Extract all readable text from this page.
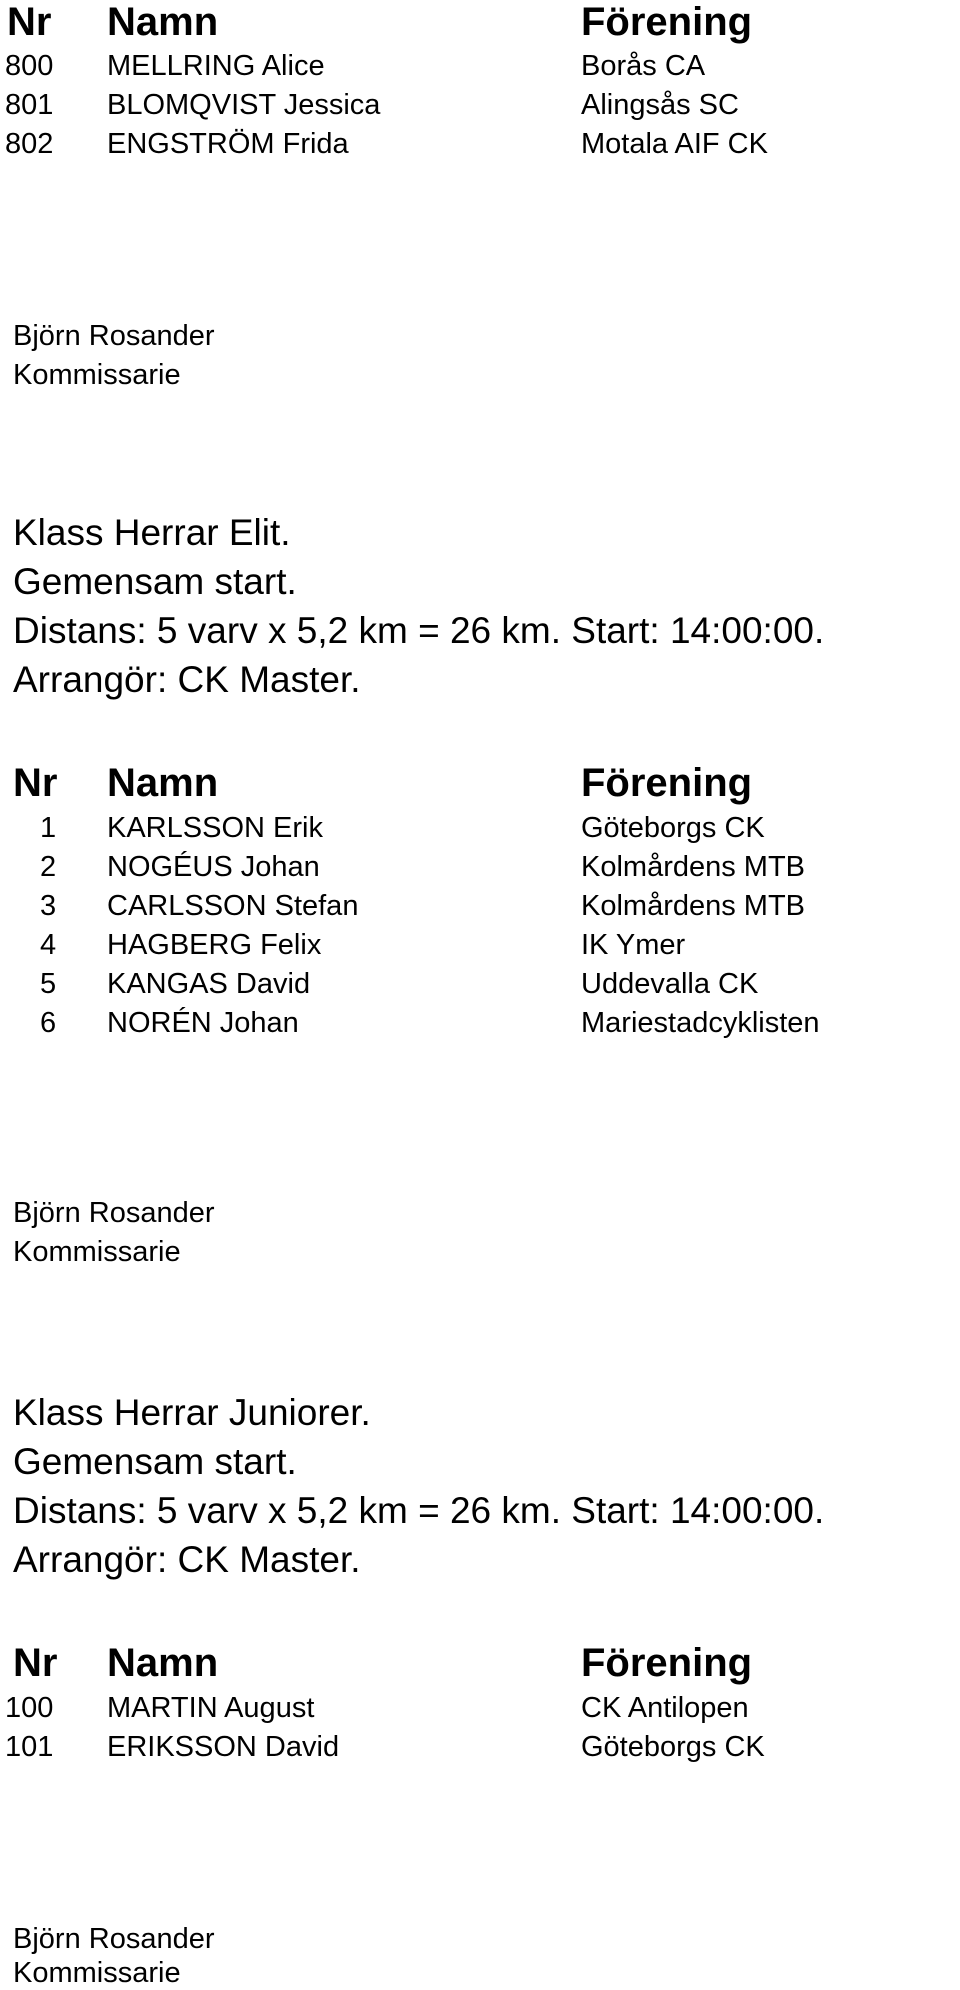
Nr Namn	Förening
800 MELLRING Alice	Borås CA
801 BLOMQVIST Jessica	Alingsås SC
802 ENGSTRÖM Frida	Motala AIF CK
Björn Rosander
Kommissarie
Klass Herrar Elit.
Gemensam start.
Distans: 5 varv x 5,2 km = 26 km. Start: 14:00:00.
Arrangör: CK Master.
Nr Namn	Förening
1 KARLSSON Erik	Göteborgs CK
2 NOGÉUS Johan	Kolmårdens MTB
3 CARLSSON Stefan	Kolmårdens MTB
4 HAGBERG Felix	IK Ymer
5 KANGAS David	Uddevalla CK
6 NORÉN Johan	Mariestadcyklisten
Björn Rosander
Kommissarie
Klass Herrar Juniorer.
Gemensam start.
Distans: 5 varv x 5,2 km = 26 km. Start: 14:00:00.
Arrangör: CK Master.
Nr Namn	Förening
100 MARTIN August	CK Antilopen
101 ERIKSSON David	Göteborgs CK
Björn Rosander
Kommissarie
